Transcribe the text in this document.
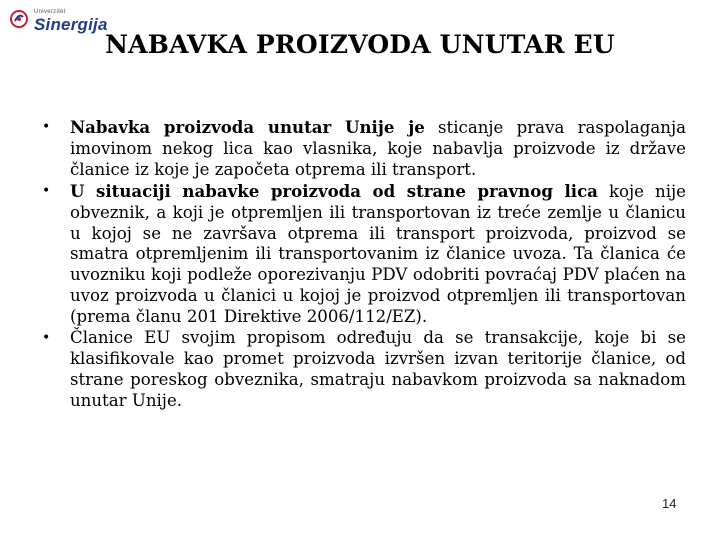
Univerzitet
Sinergija
NABAVKA PROIZVODA UNUTAR EU
• Nabavka proizvoda unutar Unije je sticanje prava raspolaganja imovinom nekog lica kao vlasnika, koje nabavlja proizvode iz države članice iz koje je započeta otprema ili transport.
• U situaciji nabavke proizvoda od strane pravnog lica koje nije obveznik, a koji je otpremljen ili transportovan iz treće zemlje u članicu u kojoj se ne završava otprema ili transport proizvoda, proizvod se smatra otpremljenim ili transportovanim iz članice uvoza. Ta članica će uvozniku koji podleže oporezivanju PDV odobriti povraćaj PDV plaćen na uvoz proizvoda u članici u kojoj je proizvod otpremljen ili transportovan (prema članu 201 Direktive 2006/112/EZ).
• Članice EU svojim propisom određuju da se transakcije, koje bi se klasifikovale kao promet proizvoda izvršen izvan teritorije članice, od strane poreskog obveznika, smatraju nabavkom proizvoda sa naknadom unutar Unije.
14
